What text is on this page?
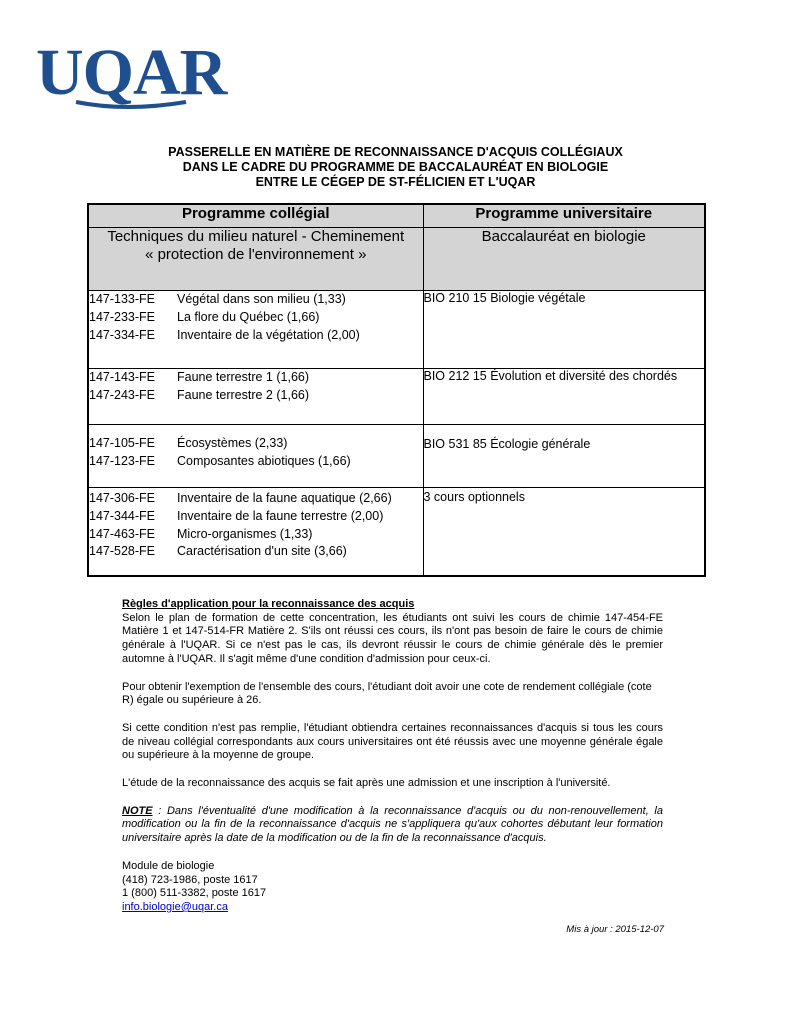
UQAR
PASSERELLE EN MATIÈRE DE RECONNAISSANCE D'ACQUIS COLLÉGIAUX
DANS LE CADRE DU PROGRAMME DE BACCALAURÉAT EN BIOLOGIE
ENTRE LE CÉGEP DE ST-FÉLICIEN ET L'UQAR
Programme collégial	Programme universitaire

Techniques du milieu naturel - Cheminement
« protection de l'environnement »	Baccalauréat en biologie

147-133-FE Végétal dans son milieu (1,33)
147-233-FE La flore du Québec (1,66)
147-334-FE Inventaire de la végétation (2,00)	BIO 210 15 Biologie végétale

147-143-FE Faune terrestre 1 (1,66)
147-243-FE Faune terrestre 2 (1,66)	BIO 212 15 Évolution et diversité des chordés

147-105-FE Écosystèmes (2,33)
147-123-FE Composantes abiotiques (1,66)	BIO 531 85 Écologie générale

147-306-FE Inventaire de la faune aquatique (2,66)
147-344-FE Inventaire de la faune terrestre (2,00)
147-463-FE Micro-organismes (1,33)
147-528-FE Caractérisation d'un site (3,66)	3 cours optionnels

Règles d'application pour la reconnaissance des acquis

Selon le plan de formation de cette concentration, les étudiants ont suivi les cours de chimie 147-454-FE Matière 1 et 147-514-FR Matière 2. S'ils ont réussi ces cours, ils n'ont pas besoin de faire le cours de chimie générale à l'UQAR. Si ce n'est pas le cas, ils devront réussir le cours de chimie générale dès le premier automne à l'UQAR. Il s'agit même d'une condition d'admission pour ceux-ci.

Pour obtenir l'exemption de l'ensemble des cours, l'étudiant doit avoir une cote de rendement collégiale (cote R) égale ou supérieure à 26.

Si cette condition n'est pas remplie, l'étudiant obtiendra certaines reconnaissances d'acquis si tous les cours de niveau collégial correspondants aux cours universitaires ont été réussis avec une moyenne générale égale ou supérieure à la moyenne de groupe.

L'étude de la reconnaissance des acquis se fait après une admission et une inscription à l'université.

NOTE : Dans l'éventualité d'une modification à la reconnaissance d'acquis ou du non-renouvellement, la modification ou la fin de la reconnaissance d'acquis ne s'appliquera qu'aux cohortes débutant leur formation universitaire après la date de la modification ou de la fin de la reconnaissance d'acquis.

Module de biologie

(418) 723-1986, poste 1617

1 (800) 511-3382, poste 1617

info.biologie@uqar.ca

Mis à jour : 2015-12-07
